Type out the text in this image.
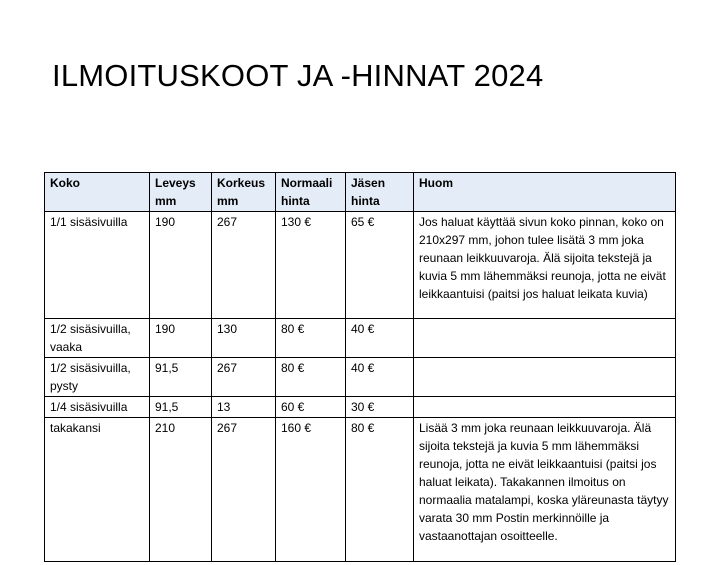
ILMOITUSKOOT JA -HINNAT 2024
Koko	Leveys mm	Korkeus mm	Normaali hinta	Jäsen hinta	Huom
1/1 sisäsivuilla	190	267	130 €	65 €	Jos haluat käyttää sivun koko pinnan, koko on 210x297 mm, johon tulee lisätä 3 mm joka reunaan leikkuuvaroja. Älä sijoita tekstejä ja kuvia 5 mm lähemmäksi reunoja, jotta ne eivät leikkaantuisi (paitsi jos haluat leikata kuvia)
1/2 sisäsivuilla, vaaka	190	130	80 €	40 €	
1/2 sisäsivuilla, pysty	91,5	267	80 €	40 €	
1/4 sisäsivuilla	91,5	13	60 €	30 €	
takakansi	210	267	160 €	80 €	Lisää 3 mm joka reunaan leikkuuvaroja. Älä sijoita tekstejä ja kuvia 5 mm lähemmäksi reunoja, jotta ne eivät leikkaantuisi (paitsi jos haluat leikata). Takakannen ilmoitus on normaalia matalampi, koska yläreunasta täytyy varata 30 mm Postin merkinnöille ja vastaanottajan osoitteelle.
